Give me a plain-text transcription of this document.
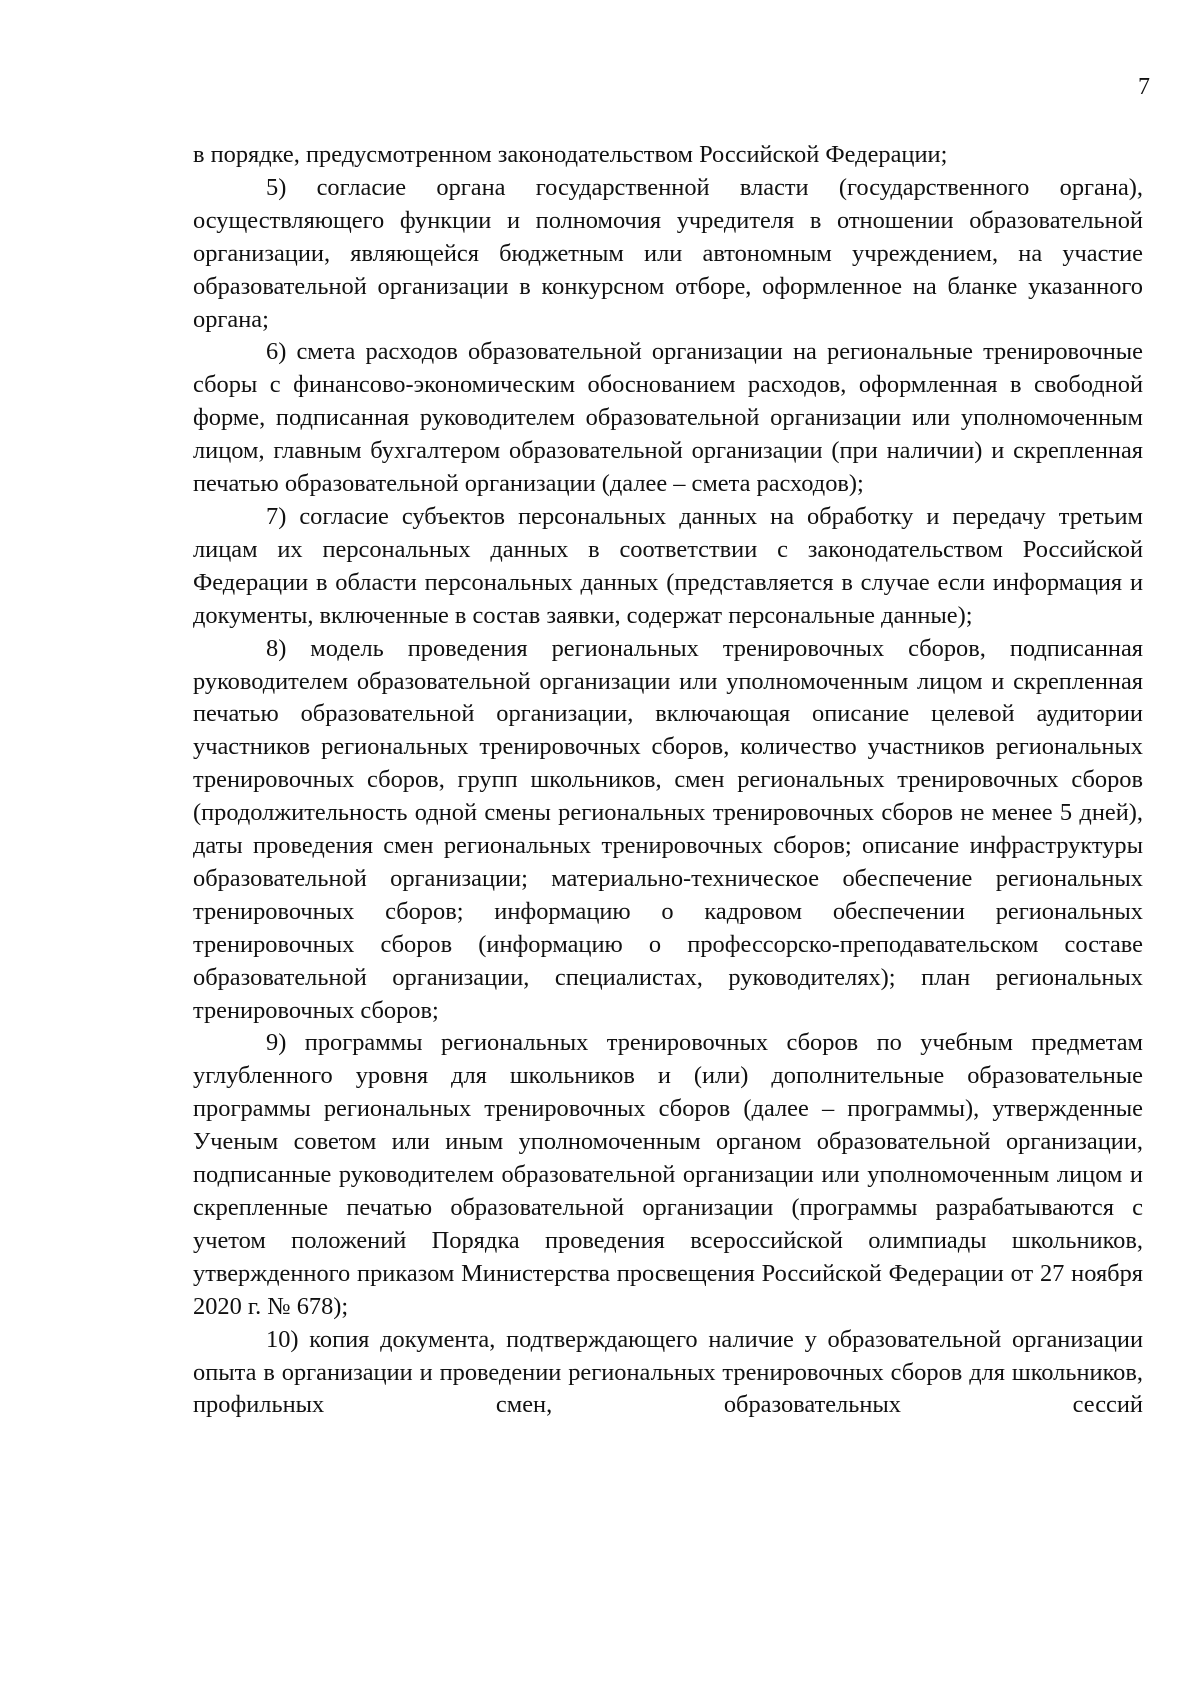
7

в порядке, предусмотренном законодательством Российской Федерации;

5) согласие органа государственной власти (государственного органа), осуществляющего функции и полномочия учредителя в отношении образовательной организации, являющейся бюджетным или автономным учреждением, на участие образовательной организации в конкурсном отборе, оформленное на бланке указанного органа;

6) смета расходов образовательной организации на региональные тренировочные сборы с финансово-экономическим обоснованием расходов, оформленная в свободной форме, подписанная руководителем образовательной организации или уполномоченным лицом, главным бухгалтером образовательной организации (при наличии) и скрепленная печатью образовательной организации (далее – смета расходов);

7) согласие субъектов персональных данных на обработку и передачу третьим лицам их персональных данных в соответствии с законодательством Российской Федерации в области персональных данных (представляется в случае если информация и документы, включенные в состав заявки, содержат персональные данные);

8) модель проведения региональных тренировочных сборов, подписанная руководителем образовательной организации или уполномоченным лицом и скрепленная печатью образовательной организации, включающая описание целевой аудитории участников региональных тренировочных сборов, количество участников региональных тренировочных сборов, групп школьников, смен региональных тренировочных сборов (продолжительность одной смены региональных тренировочных сборов не менее 5 дней), даты проведения смен региональных тренировочных сборов; описание инфраструктуры образовательной организации; материально-техническое обеспечение региональных тренировочных сборов; информацию о кадровом обеспечении региональных тренировочных сборов (информацию о профессорско-преподавательском составе образовательной организации, специалистах, руководителях); план региональных тренировочных сборов;

9) программы региональных тренировочных сборов по учебным предметам углубленного уровня для школьников и (или) дополнительные образовательные программы региональных тренировочных сборов (далее – программы), утвержденные Ученым советом или иным уполномоченным органом образовательной организации, подписанные руководителем образовательной организации или уполномоченным лицом и скрепленные печатью образовательной организации (программы разрабатываются с учетом положений Порядка проведения всероссийской олимпиады школьников, утвержденного приказом Министерства просвещения Российской Федерации от 27 ноября 2020 г. № 678);

10) копия документа, подтверждающего наличие у образовательной организации опыта в организации и проведении региональных тренировочных сборов для школьников, профильных смен, образовательных сессий
